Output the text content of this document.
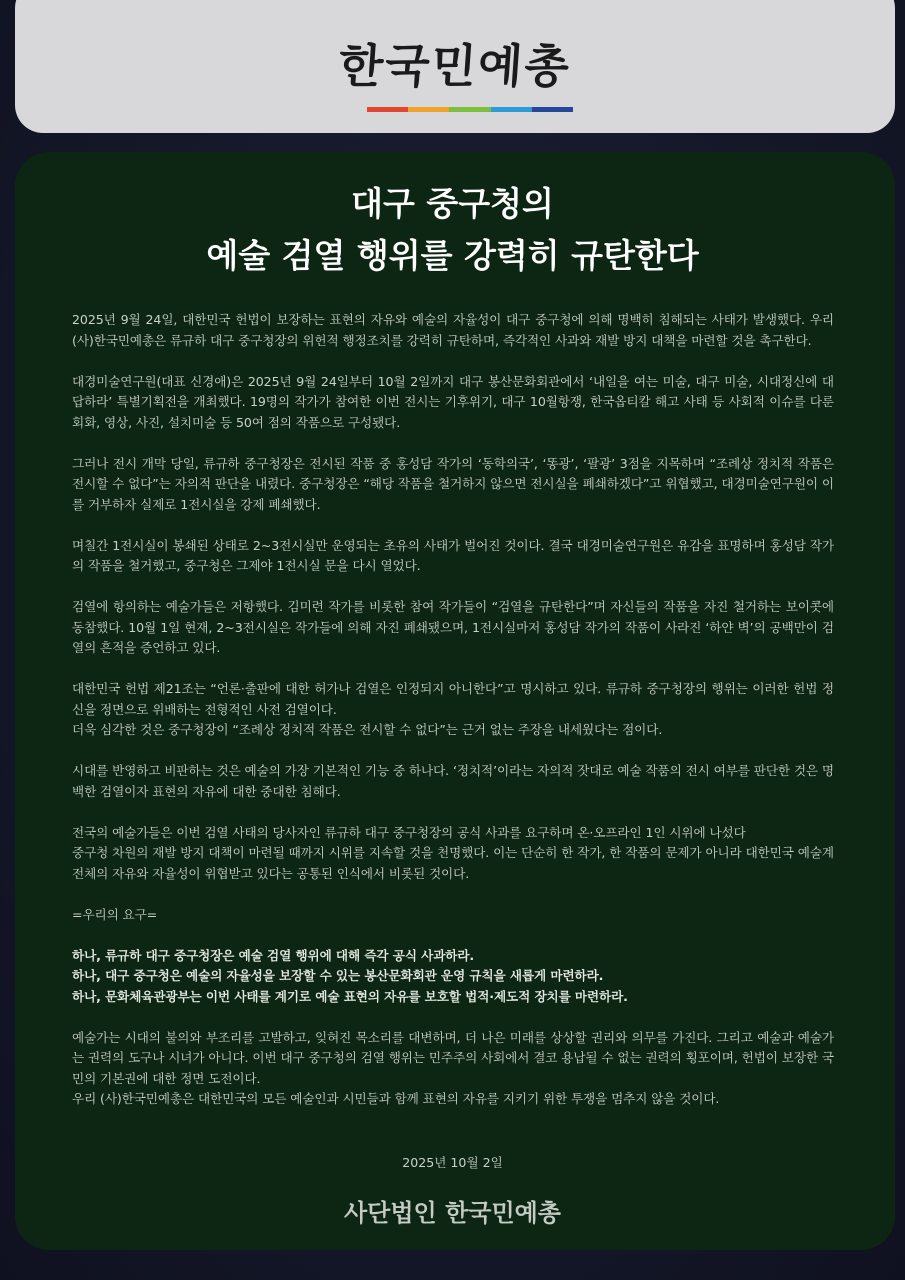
한국민예총
대구 중구청의
예술 검열 행위를 강력히 규탄한다

2025년 9월 24일, 대한민국 헌법이 보장하는 표현의 자유와 예술의 자율성이 대구 중구청에 의해 명백히 침해되는 사태가 발생했다. 우리 (사)한국민예총은 류규하 대구 중구청장의 위헌적 행정조치를 강력히 규탄하며, 즉각적인 사과와 재발 방지 대책을 마련할 것을 촉구한다.

대경미술연구원(대표 신경애)은 2025년 9월 24일부터 10월 2일까지 대구 봉산문화회관에서 ‘내일을 여는 미술, 대구 미술, 시대정신에 대답하라’ 특별기획전을 개최했다. 19명의 작가가 참여한 이번 전시는 기후위기, 대구 10월항쟁, 한국옵티칼 해고 사태 등 사회적 이슈를 다룬 회화, 영상, 사진, 설치미술 등 50여 점의 작품으로 구성됐다.

그러나 전시 개막 당일, 류규하 중구청장은 전시된 작품 중 홍성담 작가의 ‘동학의국’, ‘똥광’, ‘팔광’ 3점을 지목하며 “조례상 정치적 작품은 전시할 수 없다”는 자의적 판단을 내렸다. 중구청장은 “해당 작품을 철거하지 않으면 전시실을 폐쇄하겠다”고 위협했고, 대경미술연구원이 이를 거부하자 실제로 1전시실을 강제 폐쇄했다.

며칠간 1전시실이 봉쇄된 상태로 2~3전시실만 운영되는 초유의 사태가 벌어진 것이다. 결국 대경미술연구원은 유감을 표명하며 홍성담 작가의 작품을 철거했고, 중구청은 그제야 1전시실 문을 다시 열었다.

검열에 항의하는 예술가들은 저항했다. 김미련 작가를 비롯한 참여 작가들이 “검열을 규탄한다”며 자신들의 작품을 자진 철거하는 보이콧에 동참했다. 10월 1일 현재, 2~3전시실은 작가들에 의해 자진 폐쇄됐으며, 1전시실마저 홍성담 작가의 작품이 사라진 ‘하얀 벽’의 공백만이 검열의 흔적을 증언하고 있다.

대한민국 헌법 제21조는 “언론·출판에 대한 허가나 검열은 인정되지 아니한다”고 명시하고 있다. 류규하 중구청장의 행위는 이러한 헌법 정신을 정면으로 위배하는 전형적인 사전 검열이다.
더욱 심각한 것은 중구청장이 “조례상 정치적 작품은 전시할 수 없다”는 근거 없는 주장을 내세웠다는 점이다.

시대를 반영하고 비판하는 것은 예술의 가장 기본적인 기능 중 하나다. ‘정치적’이라는 자의적 잣대로 예술 작품의 전시 여부를 판단한 것은 명백한 검열이자 표현의 자유에 대한 중대한 침해다.

전국의 예술가들은 이번 검열 사태의 당사자인 류규하 대구 중구청장의 공식 사과를 요구하며 온·오프라인 1인 시위에 나섰다
중구청 차원의 재발 방지 대책이 마련될 때까지 시위를 지속할 것을 천명했다. 이는 단순히 한 작가, 한 작품의 문제가 아니라 대한민국 예술계 전체의 자유와 자율성이 위협받고 있다는 공통된 인식에서 비롯된 것이다.

=우리의 요구=

하나, 류규하 대구 중구청장은 예술 검열 행위에 대해 즉각 공식 사과하라.
하나, 대구 중구청은 예술의 자율성을 보장할 수 있는 봉산문화회관 운영 규칙을 새롭게 마련하라.
하나, 문화체육관광부는 이번 사태를 계기로 예술 표현의 자유를 보호할 법적·제도적 장치를 마련하라.

예술가는 시대의 불의와 부조리를 고발하고, 잊혀진 목소리를 대변하며, 더 나은 미래를 상상할 권리와 의무를 가진다. 그리고 예술과 예술가는 권력의 도구나 시녀가 아니다. 이번 대구 중구청의 검열 행위는 민주주의 사회에서 결코 용납될 수 없는 권력의 횡포이며, 헌법이 보장한 국민의 기본권에 대한 정면 도전이다.
우리 (사)한국민예총은 대한민국의 모든 예술인과 시민들과 함께 표현의 자유를 지키기 위한 투쟁을 멈추지 않을 것이다.

2025년 10월 2일
사단법인 한국민예총
